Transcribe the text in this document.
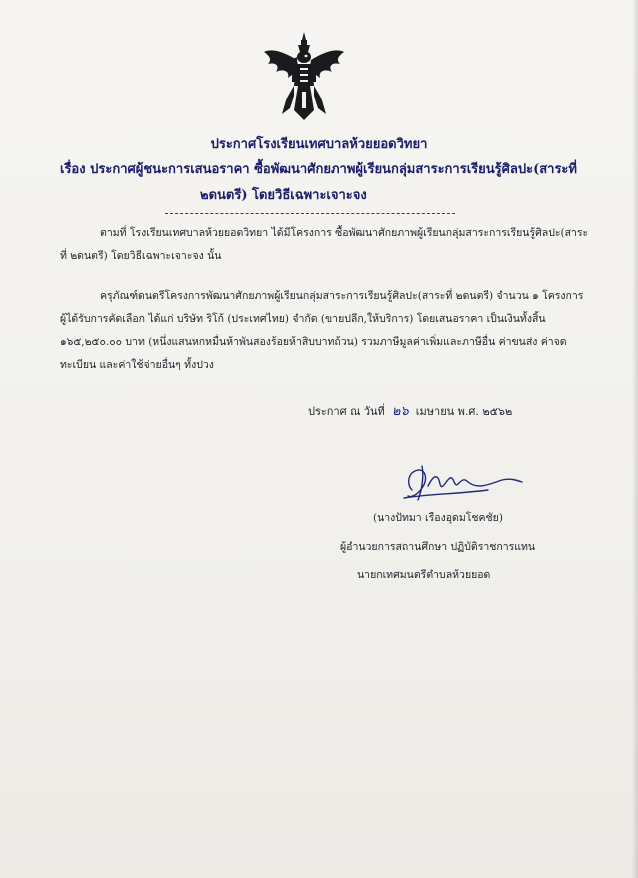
ประกาศโรงเรียนเทศบาลห้วยยอดวิทยา
เรื่อง ประกาศผู้ชนะการเสนอราคา ซื้อพัฒนาศักยภาพผู้เรียนกลุ่มสาระการเรียนรู้ศิลปะ(สาระที่
๒ดนตรี) โดยวิธีเฉพาะเจาะจง
ตามที่ โรงเรียนเทศบาลห้วยยอดวิทยา ได้มีโครงการ ซื้อพัฒนาศักยภาพผู้เรียนกลุ่มสาระการเรียนรู้ศิลปะ(สาระที่ ๒ดนตรี) โดยวิธีเฉพาะเจาะจง นั้น
ครุภัณฑ์ดนตรีโครงการพัฒนาศักยภาพผู้เรียนกลุ่มสาระการเรียนรู้ศิลปะ(สาระที่ ๒ดนตรี) จำนวน ๑ โครงการ ผู้ได้รับการคัดเลือก ได้แก่ บริษัท ริโก้ (ประเทศไทย) จำกัด (ขายปลีก,ให้บริการ) โดยเสนอราคา เป็นเงินทั้งสิ้น ๑๖๕,๒๕๐.๐๐ บาท (หนึ่งแสนหกหมื่นห้าพันสองร้อยห้าสิบบาทถ้วน) รวมภาษีมูลค่าเพิ่มและภาษีอื่น ค่าขนส่ง ค่าจดทะเบียน และค่าใช้จ่ายอื่นๆ ทั้งปวง
ประกาศ ณ วันที่ ๒๖ เมษายน พ.ศ. ๒๕๖๒
(นางปัทมา เรืองอุดมโชคชัย)
ผู้อำนวยการสถานศึกษา ปฏิบัติราชการแทน
นายกเทศมนตรีตำบลห้วยยอด
